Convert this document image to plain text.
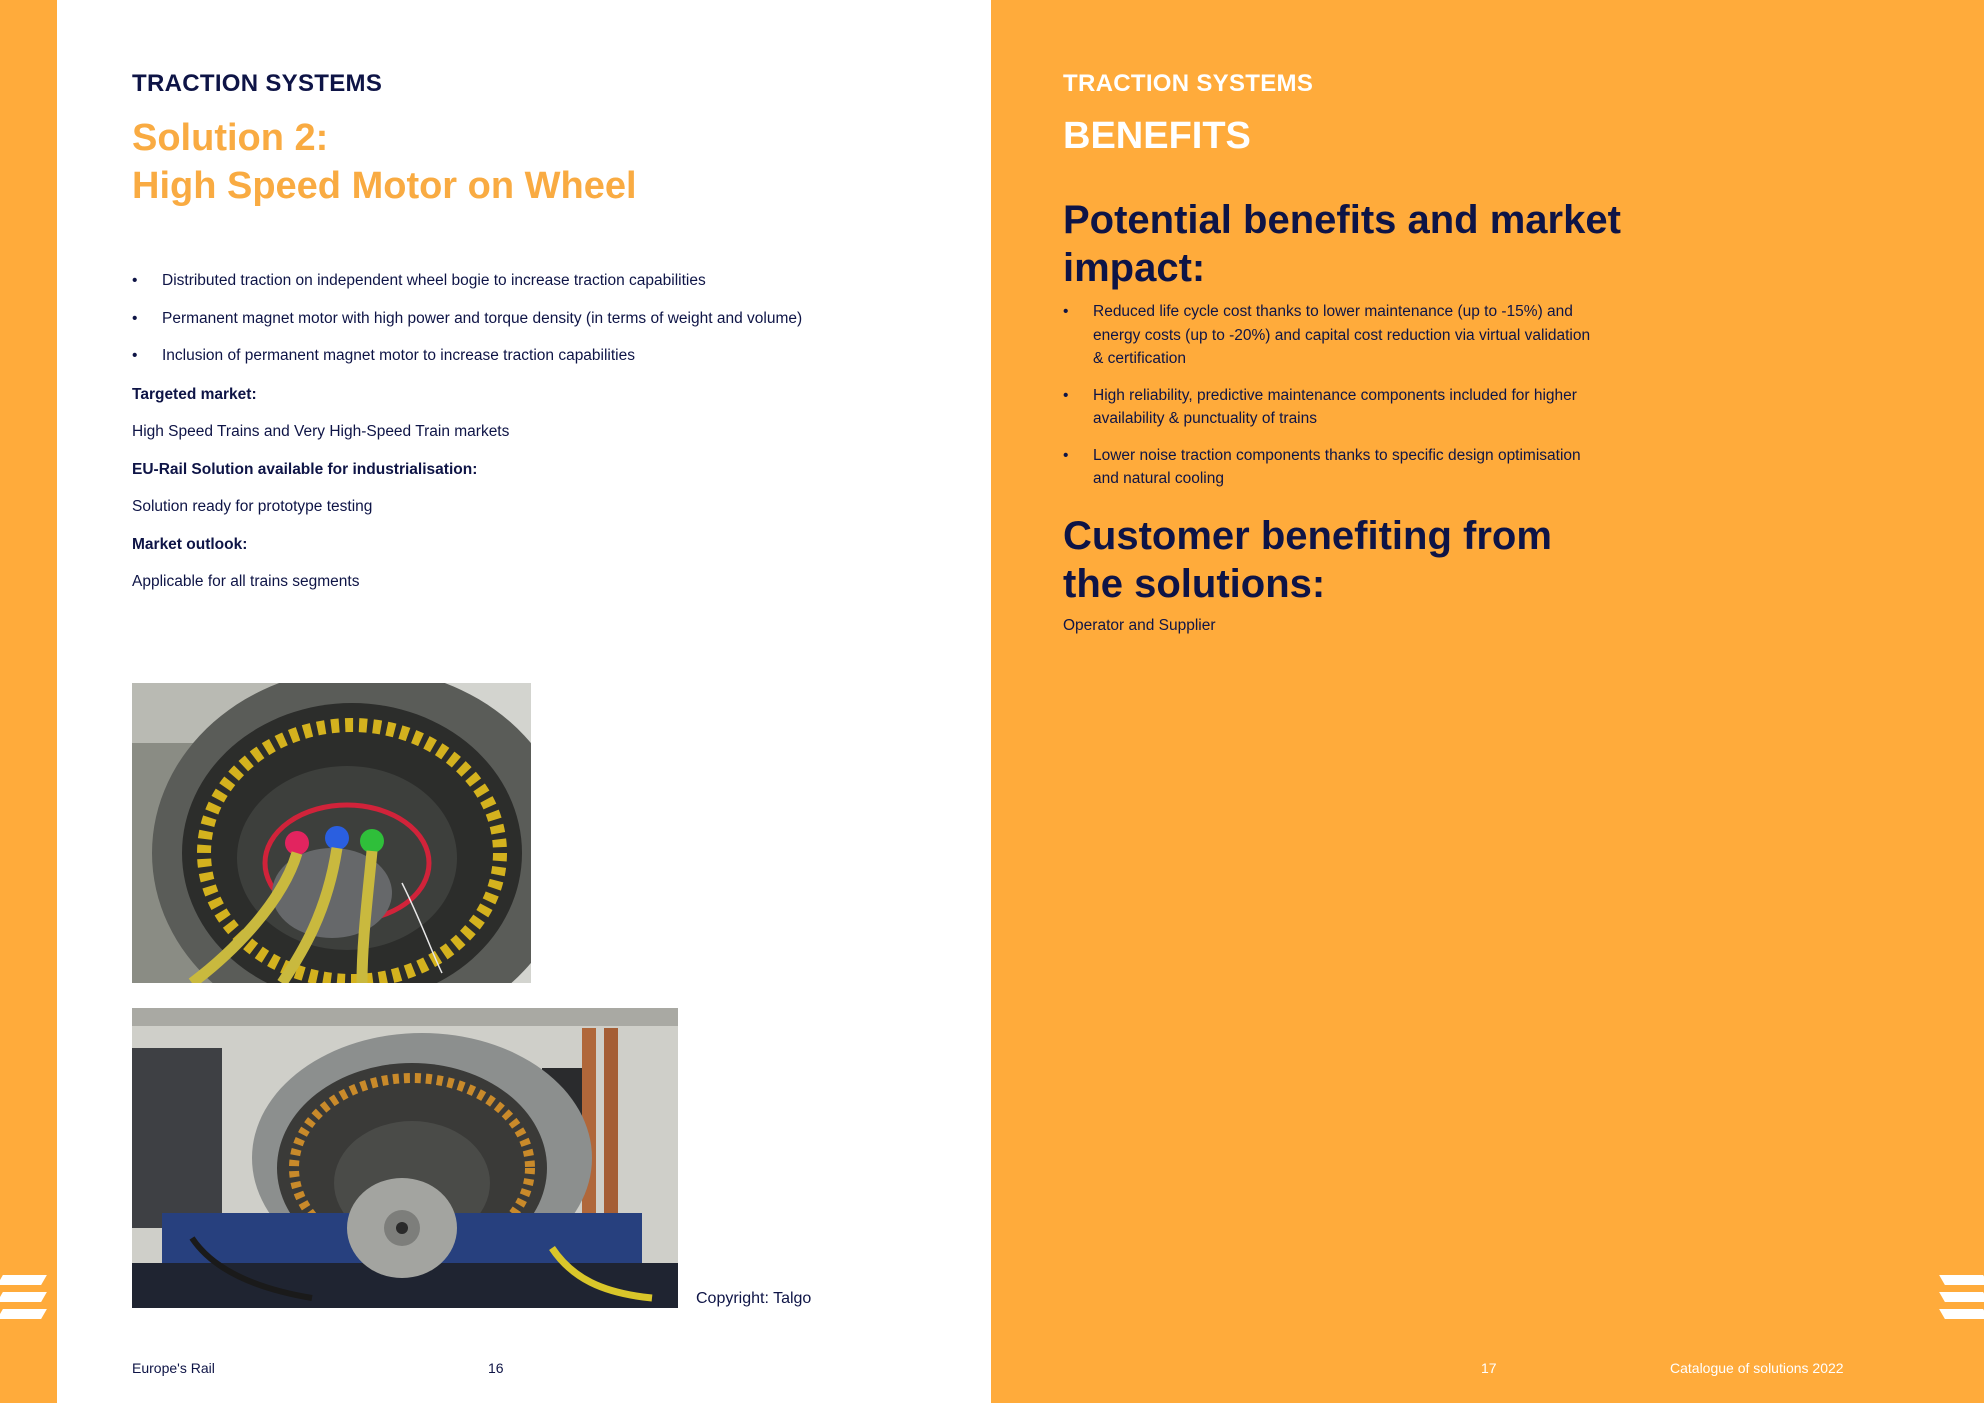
TRACTION SYSTEMS
Solution 2:
High Speed Motor on Wheel
• Distributed traction on independent wheel bogie to increase traction capabilities
• Permanent magnet motor with high power and torque density (in terms of weight and volume)
• Inclusion of permanent magnet motor to increase traction capabilities
Targeted market:
High Speed Trains and Very High-Speed Train markets
EU-Rail Solution available for industrialisation:
Solution ready for prototype testing
Market outlook:
Applicable for all trains segments
Copyright: Talgo
Europe's Rail	16
TRACTION SYSTEMS
BENEFITS
Potential benefits and market impact:
• Reduced life cycle cost thanks to lower maintenance (up to -15%) and energy costs (up to -20%) and capital cost reduction via virtual validation & certification
• High reliability, predictive maintenance components included for higher availability & punctuality of trains
• Lower noise traction components thanks to specific design optimisation and natural cooling
Customer benefiting from the solutions:
Operator and Supplier
17	Catalogue of solutions 2022
